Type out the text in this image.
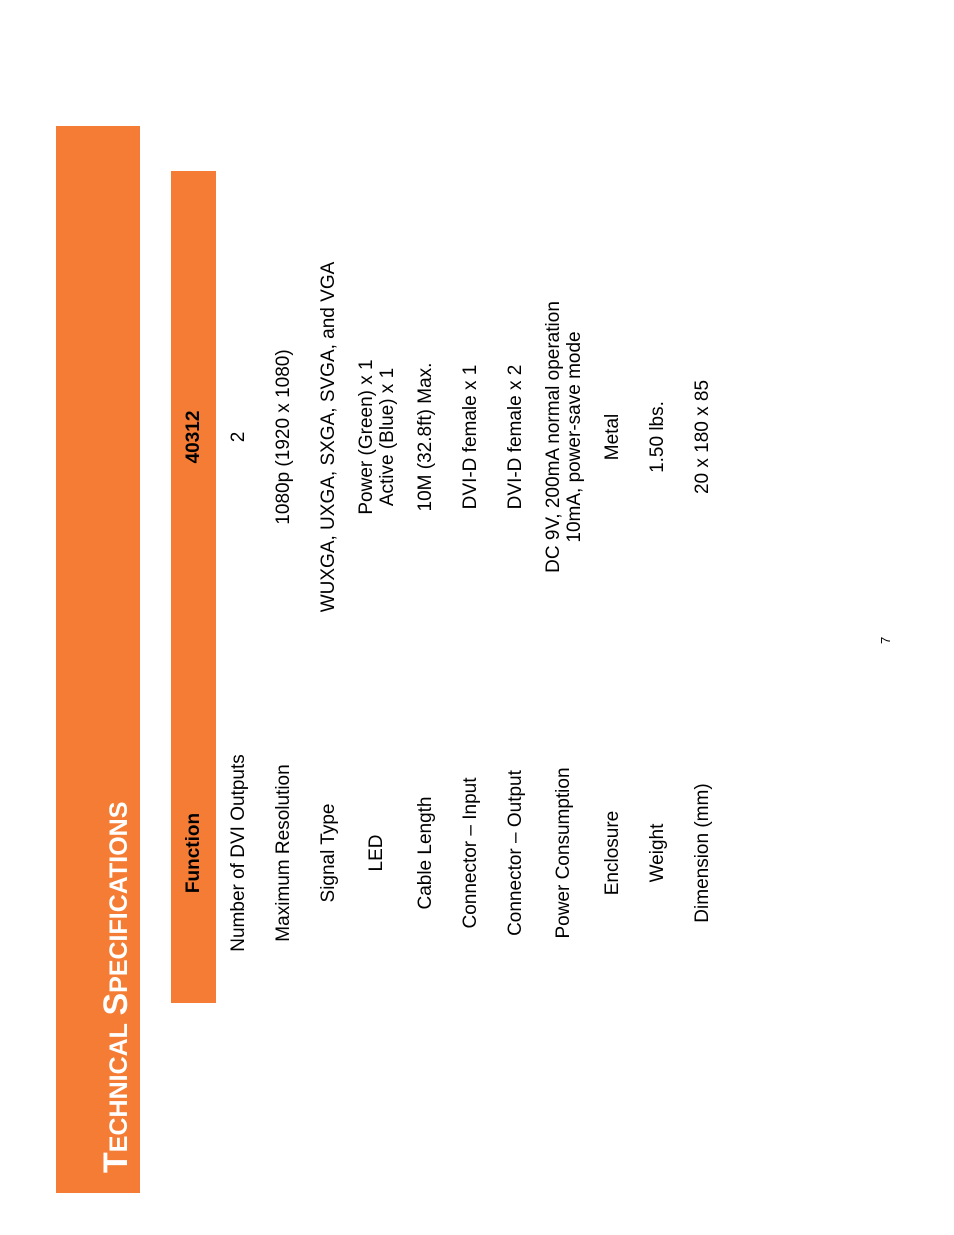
TECHNICAL SPECIFICATIONS	Function	40312
Number of DVI Outputs	2
Maximum Resolution	1080p (1920 x 1080)
Signal Type	WUXGA, UXGA, SXGA, SVGA, and VGA
LED	Power (Green) x 1 Active (Blue) x 1

Cable Length	10M (32.8ft) Max.
Connector – Input	DVI-D female x 1
Connector – Output	DVI-D female x 2
Power Consumption	DC 9V, 200mA normal operation 10mA, power-save mode

Enclosure	Metal
Weight	1.50 lbs.
Dimension (mm)	20 x 180 x 85
7
